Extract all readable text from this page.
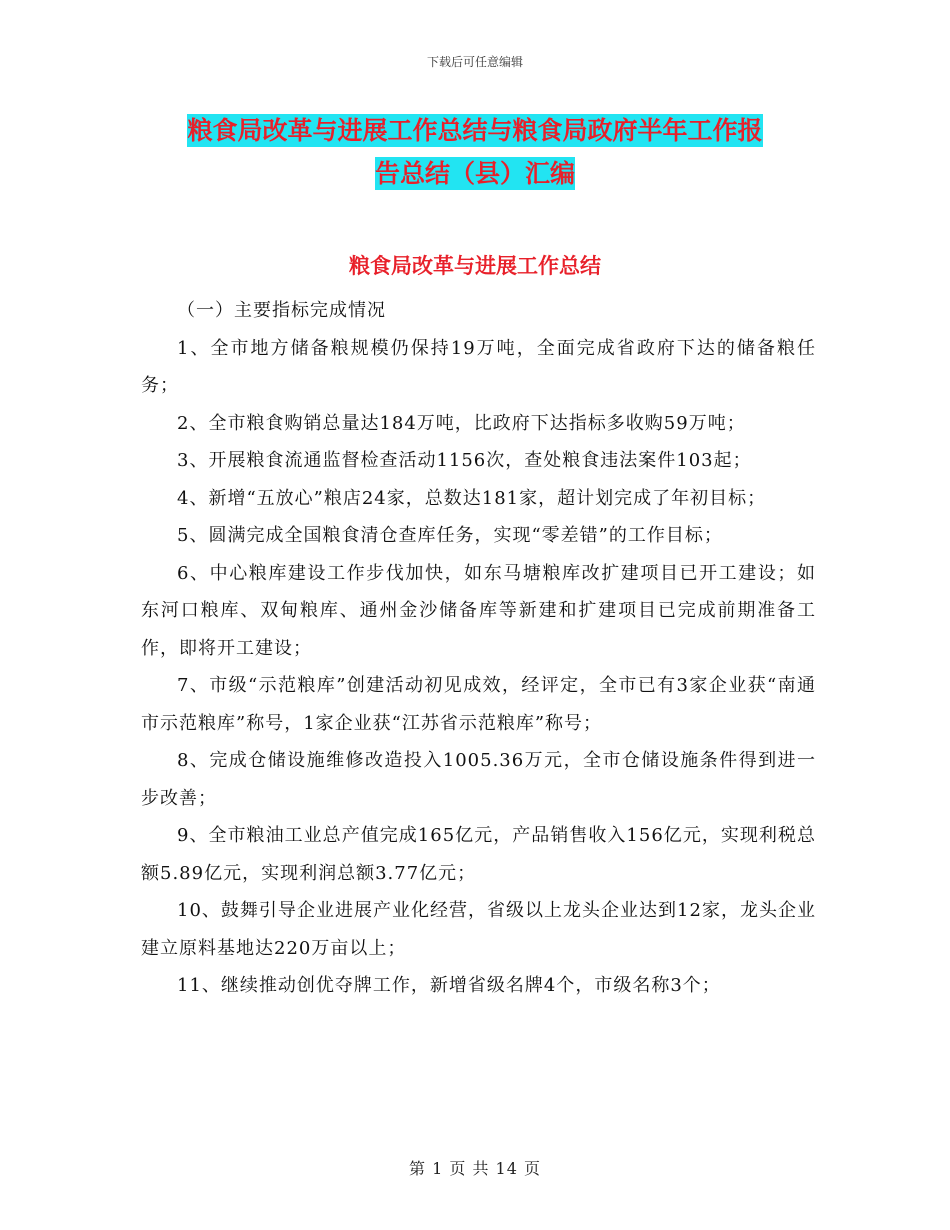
下载后可任意编辑
粮食局改革与进展工作总结与粮食局政府半年工作报
告总结（县）汇编
粮食局改革与进展工作总结

（一）主要指标完成情况

1、全市地方储备粮规模仍保持19万吨，全面完成省政府下达的储备粮任务；

2、全市粮食购销总量达184万吨，比政府下达指标多收购59万吨；

3、开展粮食流通监督检查活动1156次，查处粮食违法案件103起；

4、新增“五放心”粮店24家，总数达181家，超计划完成了年初目标；

5、圆满完成全国粮食清仓查库任务，实现“零差错”的工作目标；

6、中心粮库建设工作步伐加快，如东马塘粮库改扩建项目已开工建设；如东河口粮库、双甸粮库、通州金沙储备库等新建和扩建项目已完成前期准备工作，即将开工建设；

7、市级“示范粮库”创建活动初见成效，经评定，全市已有3家企业获“南通市示范粮库”称号，1家企业获“江苏省示范粮库”称号；

8、完成仓储设施维修改造投入1005.36万元，全市仓储设施条件得到进一步改善；

9、全市粮油工业总产值完成165亿元，产品销售收入156亿元，实现利税总额5.89亿元，实现利润总额3.77亿元；

10、鼓舞引导企业进展产业化经营，省级以上龙头企业达到12家，龙头企业建立原料基地达220万亩以上；

11、继续推动创优夺牌工作，新增省级名牌4个，市级名称3个；

第 1 页 共 14 页
